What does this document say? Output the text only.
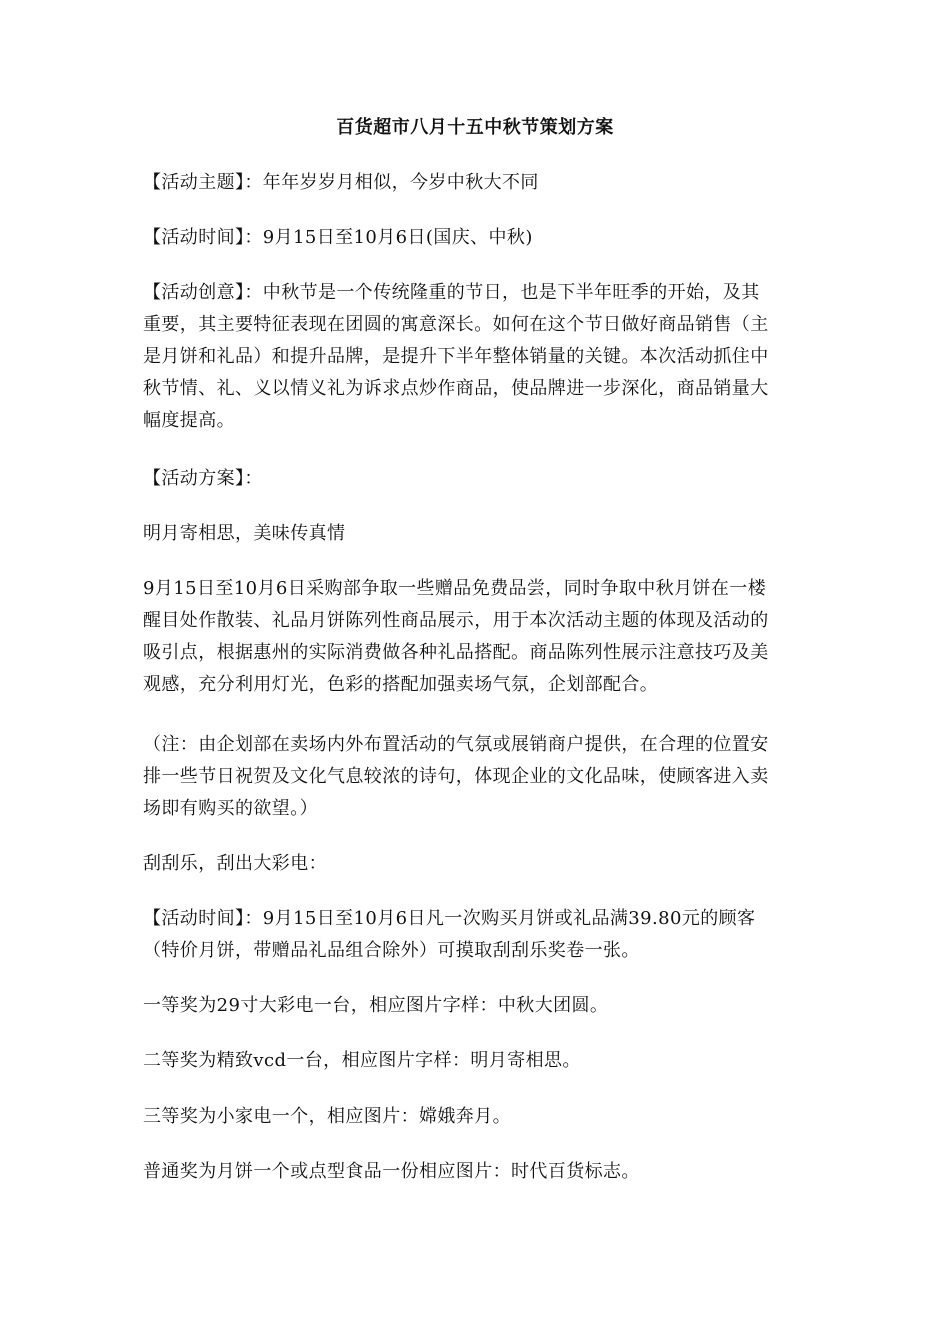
百货超市八月十五中秋节策划方案
【活动主题】：年年岁岁月相似，今岁中秋大不同
【活动时间】：9月15日至10月6日(国庆、中秋)
【活动创意】：中秋节是一个传统隆重的节日，也是下半年旺季的开始，及其
重要，其主要特征表现在团圆的寓意深长。如何在这个节日做好商品销售（主
是月饼和礼品）和提升品牌，是提升下半年整体销量的关键。本次活动抓住中
秋节情、礼、义以情义礼为诉求点炒作商品，使品牌进一步深化，商品销量大
幅度提高。
【活动方案】：
明月寄相思，美味传真情
9月15日至10月6日采购部争取一些赠品免费品尝，同时争取中秋月饼在一楼
醒目处作散装、礼品月饼陈列性商品展示，用于本次活动主题的体现及活动的
吸引点，根据惠州的实际消费做各种礼品搭配。商品陈列性展示注意技巧及美
观感，充分利用灯光，色彩的搭配加强卖场气氛，企划部配合。
（注：由企划部在卖场内外布置活动的气氛或展销商户提供，在合理的位置安
排一些节日祝贺及文化气息较浓的诗句，体现企业的文化品味，使顾客进入卖
场即有购买的欲望。）
刮刮乐，刮出大彩电：
【活动时间】：9月15日至10月6日凡一次购买月饼或礼品满39.80元的顾客
（特价月饼，带赠品礼品组合除外）可摸取刮刮乐奖卷一张。
一等奖为29寸大彩电一台，相应图片字样：中秋大团圆。
二等奖为精致vcd一台，相应图片字样：明月寄相思。
三等奖为小家电一个，相应图片：嫦娥奔月。
普通奖为月饼一个或点型食品一份相应图片：时代百货标志。
